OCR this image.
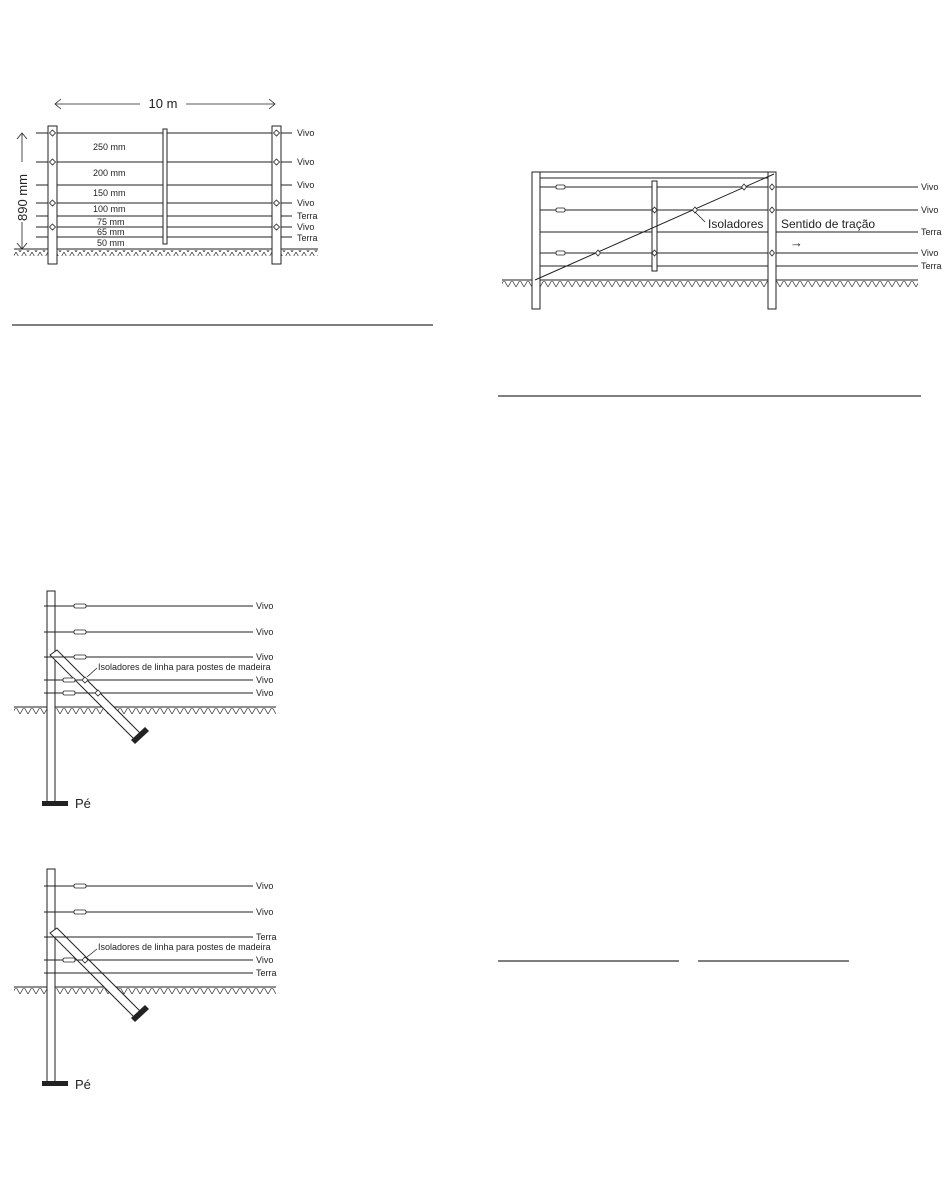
10 m
890 mm
250 mm
200 mm
150 mm
100 mm
75 mm
65 mm
50 mm
Vivo
Vivo
Vivo
Vivo
Terra
Vivo
Terra
Isoladores Sentido de tração
→
Vivo
Vivo
Terra
Vivo
Terra
Isoladores de linha para postes de madeira
Vivo
Vivo
Vivo
Vivo
Vivo
Pé
Isoladores de linha para postes de madeira
Vivo
Vivo
Terra
Vivo
Terra
Pé
